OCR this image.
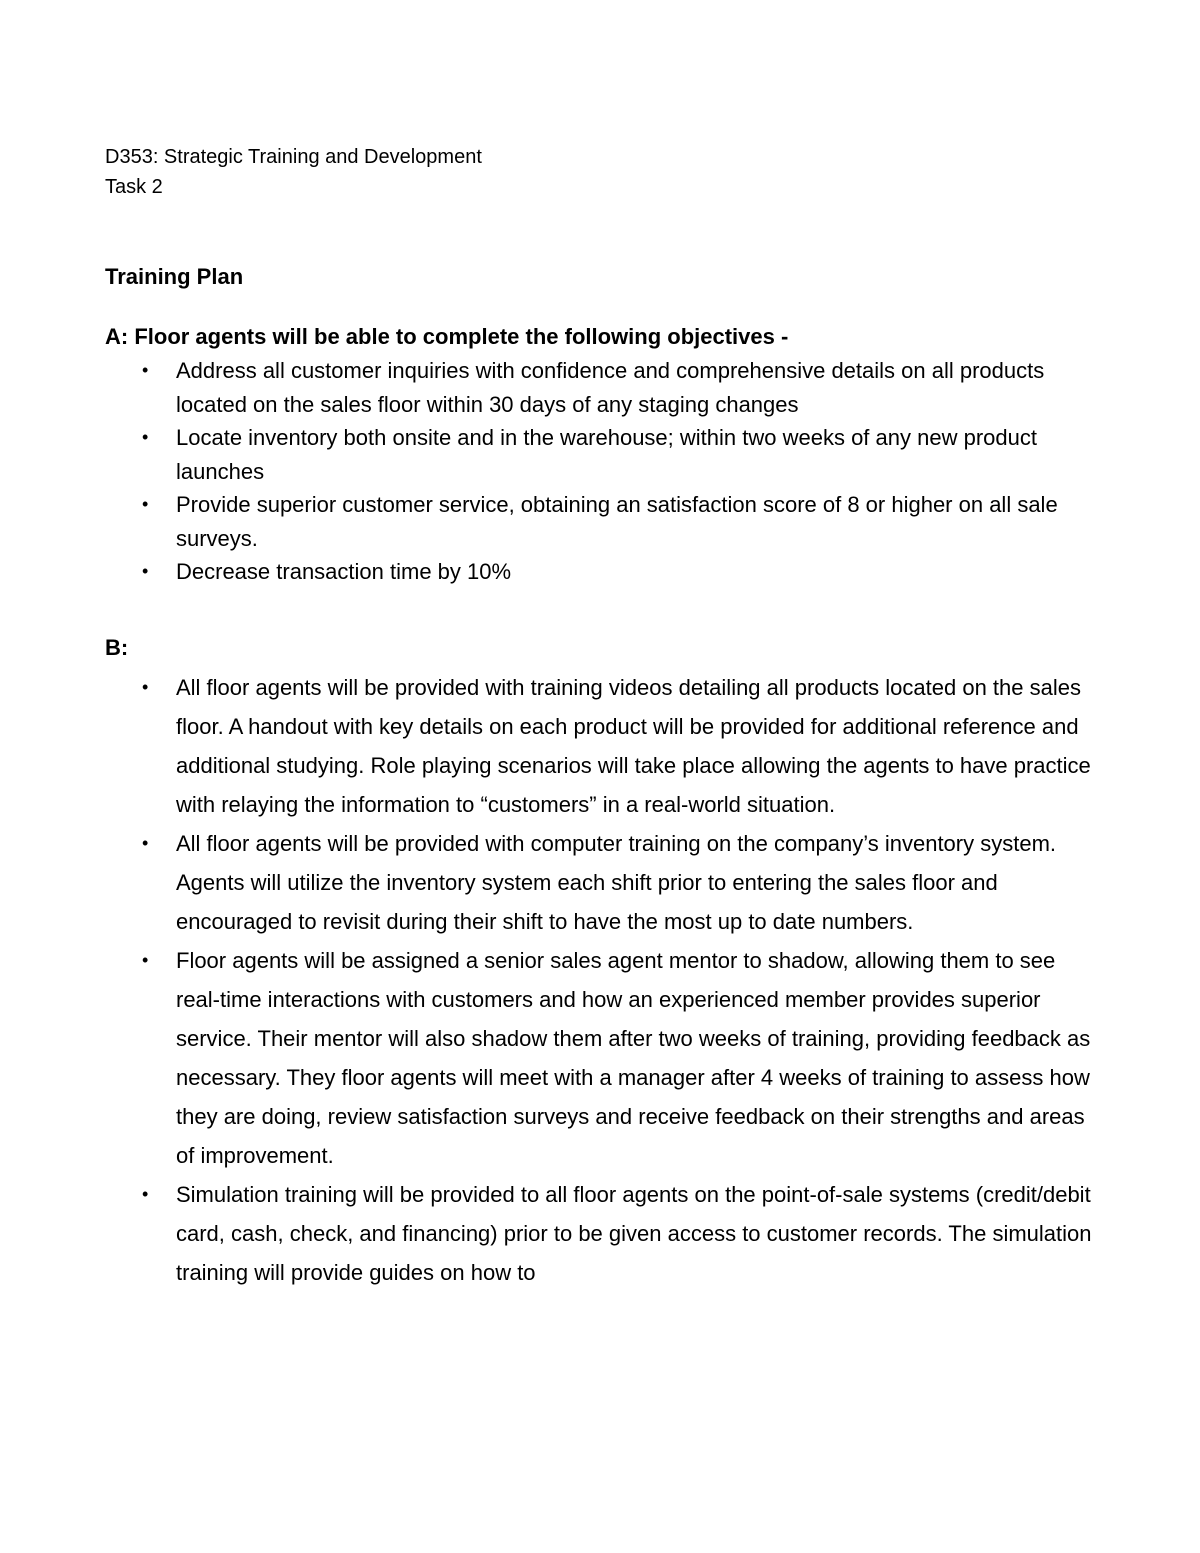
D353: Strategic Training and Development

Task 2

Training Plan

A: Floor agents will be able to complete the following objectives -

• Address all customer inquiries with confidence and comprehensive details on all products located on the sales floor within 30 days of any staging changes
• Locate inventory both onsite and in the warehouse; within two weeks of any new product launches
• Provide superior customer service, obtaining an satisfaction score of 8 or higher on all sale surveys.
• Decrease transaction time by 10%

B:

• All floor agents will be provided with training videos detailing all products located on the sales floor. A handout with key details on each product will be provided for additional reference and additional studying. Role playing scenarios will take place allowing the agents to have practice with relaying the information to “customers” in a real-world situation.
• All floor agents will be provided with computer training on the company’s inventory system. Agents will utilize the inventory system each shift prior to entering the sales floor and encouraged to revisit during their shift to have the most up to date numbers.
• Floor agents will be assigned a senior sales agent mentor to shadow, allowing them to see real-time interactions with customers and how an experienced member provides superior service. Their mentor will also shadow them after two weeks of training, providing feedback as necessary. They floor agents will meet with a manager after 4 weeks of training to assess how they are doing, review satisfaction surveys and receive feedback on their strengths and areas of improvement.
• Simulation training will be provided to all floor agents on the point-of-sale systems (credit/debit card, cash, check, and financing) prior to be given access to customer records. The simulation training will provide guides on how to
